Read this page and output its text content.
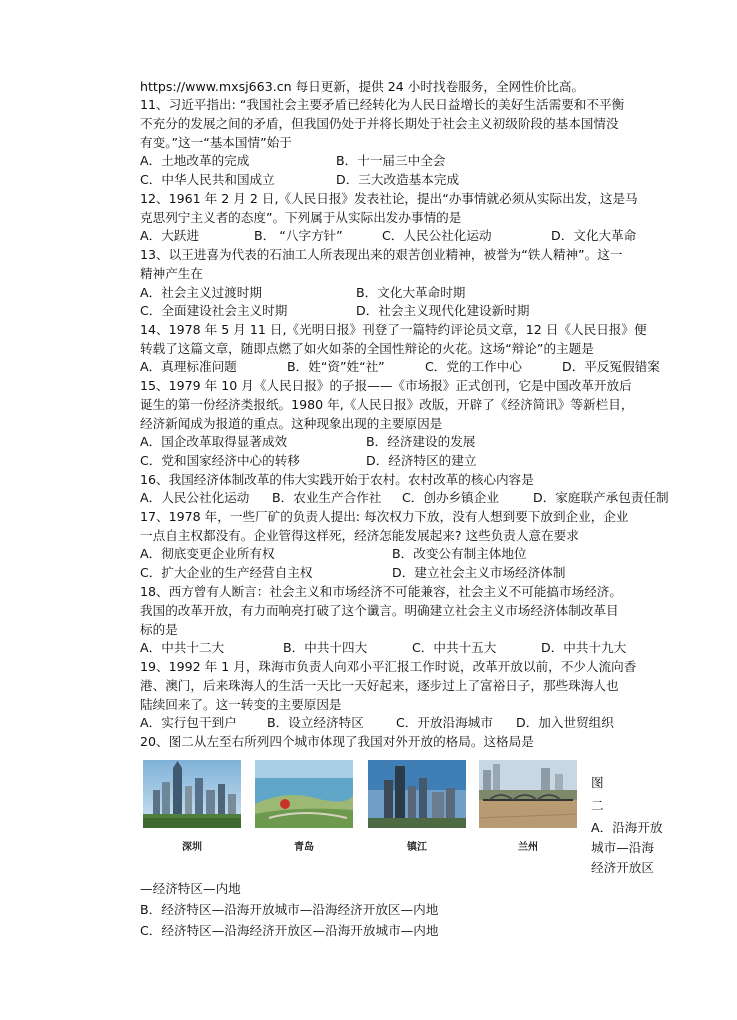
https://www.mxsj663.cn 每日更新，提供 24 小时找卷服务，全网性价比高。
11、习近平指出: “我国社会主要矛盾已经转化为人民日益增长的美好生活需要和不平衡
不充分的发展之间的矛盾，但我国仍处于并将长期处于社会主义初级阶段的基本国情没
有变。”这一“基本国情”始于
A．土地改革的完成	B．十一届三中全会
C．中华人民共和国成立	D．三大改造基本完成
12、1961 年 2 月 2 日,《人民日报》发表社论，提出“办事情就必须从实际出发，这是马
克思列宁主义者的态度”。下列属于从实际出发办事情的是
A．大跃进	B． “八字方针”	C．人民公社化运动	D．文化大革命
13、以王进喜为代表的石油工人所表现出来的艰苦创业精神，被誉为“铁人精神”。这一
精神产生在
A．社会主义过渡时期	B．文化大革命时期
C．全面建设社会主义时期	D．社会主义现代化建设新时期
14、1978 年 5 月 11 日,《光明日报》刊登了一篇特约评论员文章，12 日《人民日报》便
转载了这篇文章，随即点燃了如火如荼的全国性辩论的火花。这场“辩论”的主题是
A．真理标准问题	B．姓“资”姓“社”	C．党的工作中心	D．平反冤假错案
15、1979 年 10 月《人民日报》的子报——《市场报》正式创刊，它是中国改革开放后
诞生的第一份经济类报纸。1980 年,《人民日报》改版，开辟了《经济简讯》等新栏目，
经济新闻成为报道的重点。这种现象出现的主要原因是
A．国企改革取得显著成效	B．经济建设的发展
C．党和国家经济中心的转移	D．经济特区的建立
16、我国经济体制改革的伟大实践开始于农村。农村改革的核心内容是
A．人民公社化运动 B．农业生产合作社 C．创办乡镇企业	D．家庭联产承包责任制
17、1978 年，一些厂矿的负责人提出: 每次权力下放，没有人想到要下放到企业，企业
一点自主权都没有。企业管得这样死，经济怎能发展起来? 这些负责人意在要求
A．彻底变更企业所有权	B．改变公有制主体地位
C．扩大企业的生产经营自主权	D．建立社会主义市场经济体制
18、西方曾有人断言：社会主义和市场经济不可能兼容，社会主义不可能搞市场经济。
我国的改革开放，有力而响亮打破了这个谶言。明确建立社会主义市场经济体制改革目
标的是
A．中共十二大	B．中共十四大	C．中共十五大	D．中共十九大
19、1992 年 1 月，珠海市负责人向邓小平汇报工作时说，改革开放以前，不少人流向香
港、澳门，后来珠海人的生活一天比一天好起来，逐步过上了富裕日子，那些珠海人也
陆续回来了。这一转变的主要原因是
A．实行包干到户 B．设立经济特区	C．开放沿海城市 D．加入世贸组织
20、图二从左至右所列四个城市体现了我国对外开放的格局。这格局是
深圳	青岛	镇江	兰州
图
二
A．沿海开放
城市—沿海
经济开放区
—经济特区—内地
B．经济特区—沿海开放城市—沿海经济开放区—内地
C．经济特区—沿海经济开放区—沿海开放城市—内地
